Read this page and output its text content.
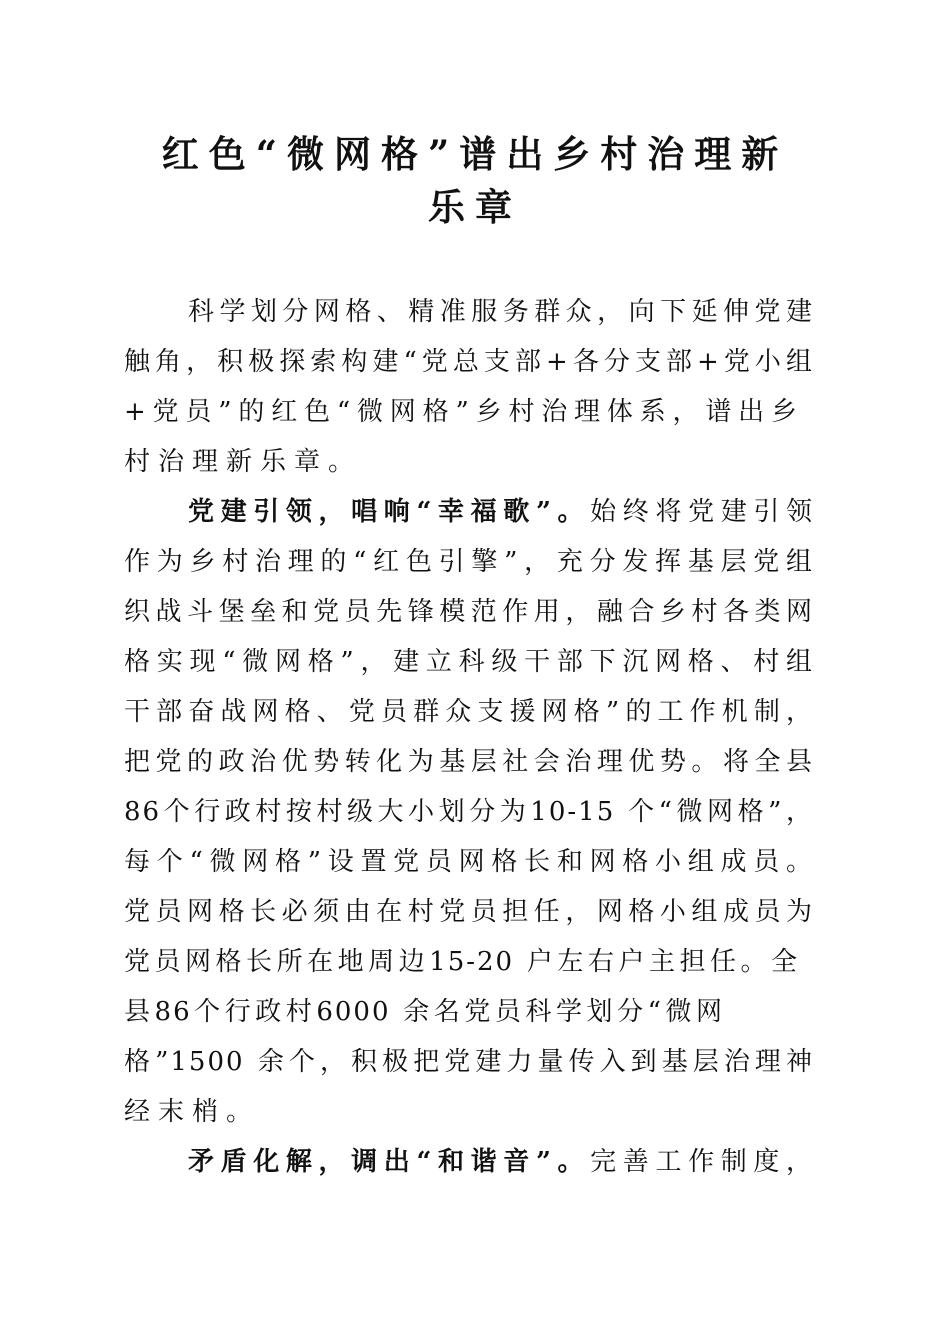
红色“微网格”谱出乡村治理新
乐章
科学划分网格、精准服务群众，向下延伸党建
触角，积极探索构建“党总支部+各分支部+党小组
+党员”的红色“微网格”乡村治理体系，谱出乡
村治理新乐章。
党建引领，唱响“幸福歌”。始终将党建引领
作为乡村治理的“红色引擎”，充分发挥基层党组
织战斗堡垒和党员先锋模范作用，融合乡村各类网
格实现“微网格”，建立科级干部下沉网格、村组
干部奋战网格、党员群众支援网格”的工作机制，
把党的政治优势转化为基层社会治理优势。将全县
86个行政村按村级大小划分为10-15 个“微网格”，
每个“微网格”设置党员网格长和网格小组成员。
党员网格长必须由在村党员担任，网格小组成员为
党员网格长所在地周边15-20 户左右户主担任。全
县86个行政村6000 余名党员科学划分“微网
格”1500 余个，积极把党建力量传入到基层治理神
经末梢。
矛盾化解，调出“和谐音”。完善工作制度，
